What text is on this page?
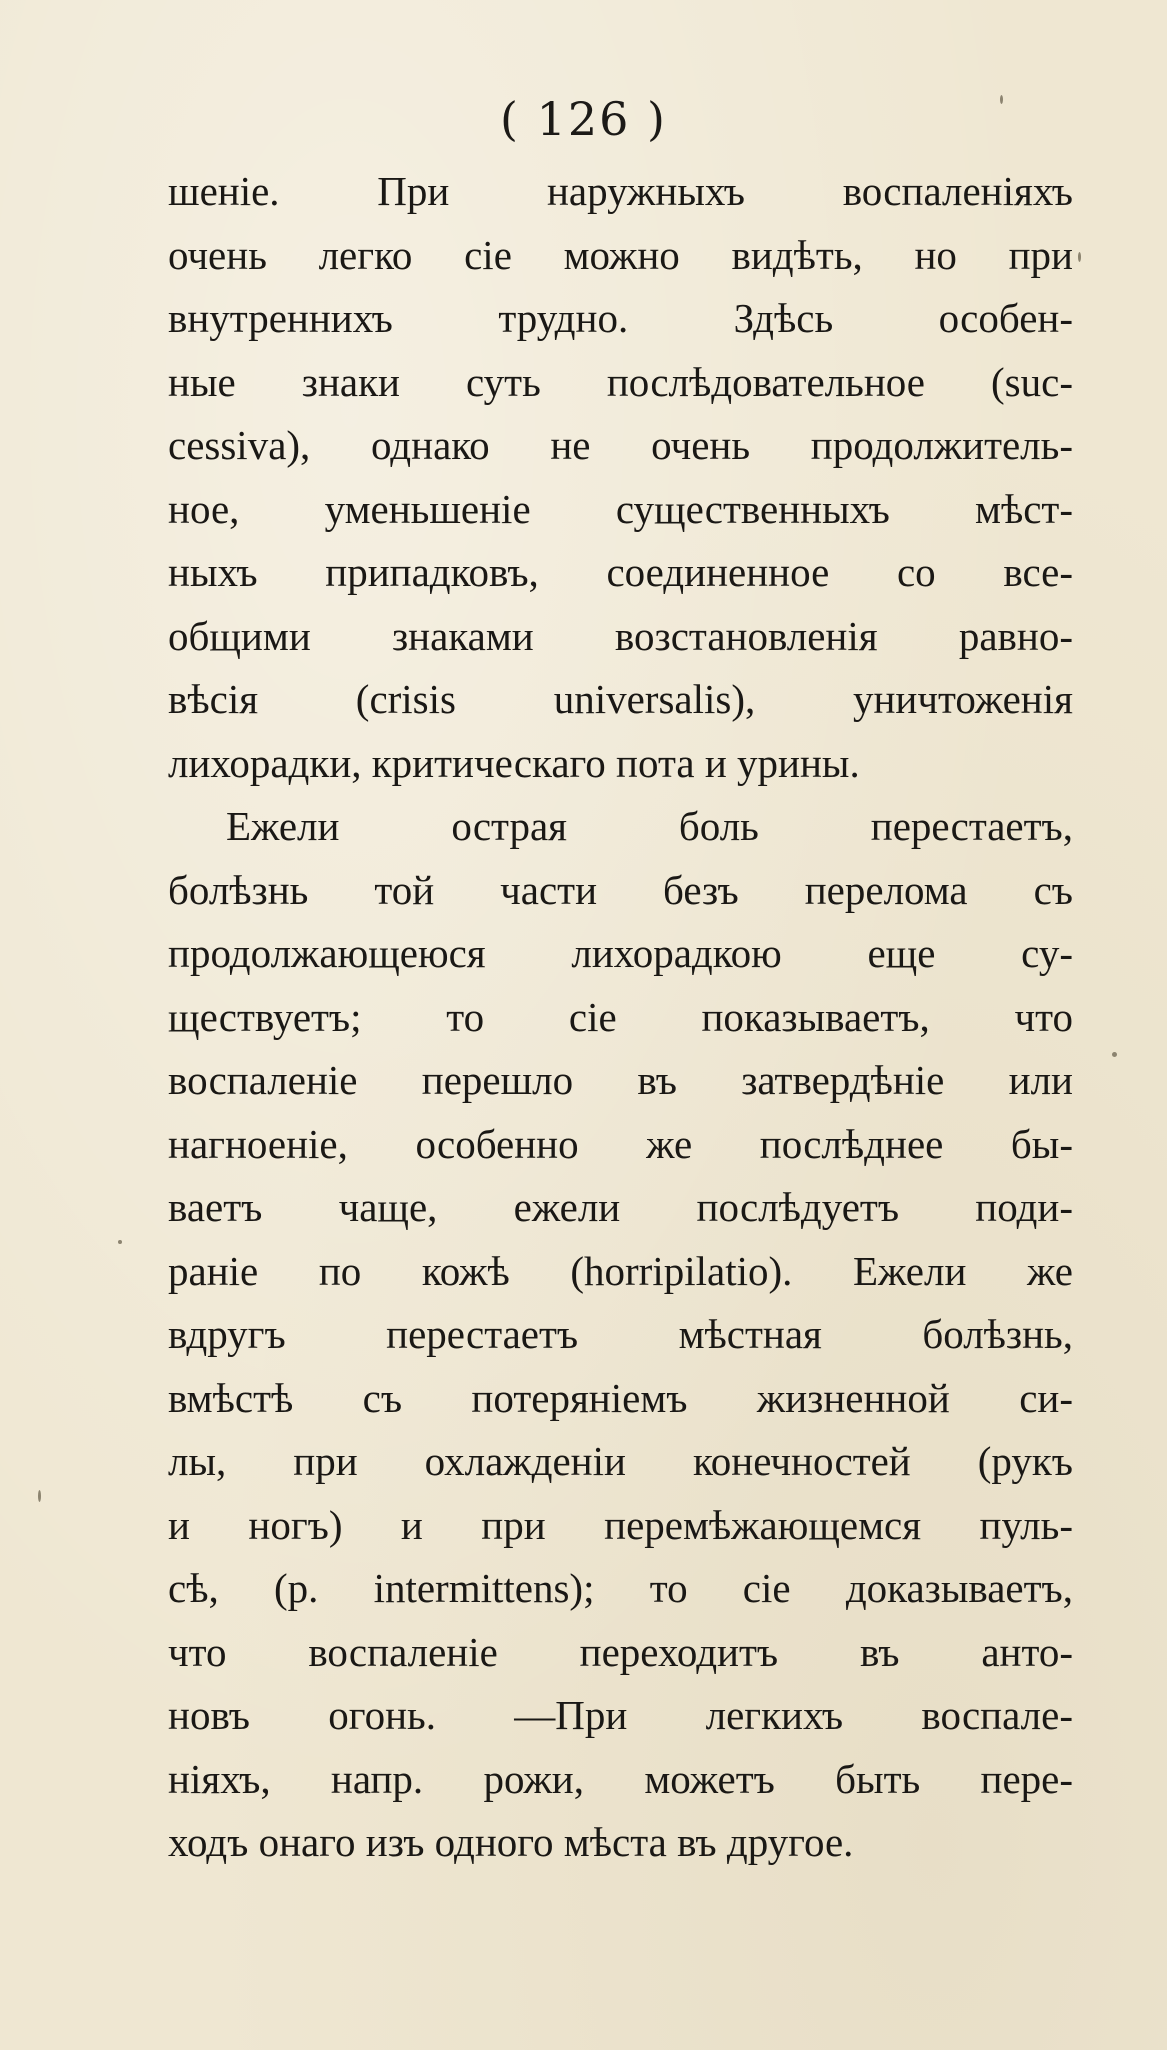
( 126 )
шенiе. При наружныхъ воспаленiяхъ
очень легко сiе можно видѣть, но при
внутреннихъ трудно. Здѣсь особен-
ные знаки суть послѣдовательное (suc-
cessiva), однако не очень продолжитель-
ное, уменьшенiе существенныхъ мѣст-
ныхъ припадковъ, соединенное со все-
общими знаками возстановленiя равно-
вѣсiя (crisis universalis), уничтоженiя
лихорадки, критическаго пота и урины.
Ежели острая боль перестаетъ,
болѣзнь той части безъ перелома съ
продолжающеюся лихорадкою еще су-
ществуетъ; то сiе показываетъ, что
воспаленiе перешло въ затвердѣнiе или
нагноенiе, особенно же послѣднее бы-
ваетъ чаще, ежели послѣдуетъ поди-
ранiе по кожѣ (horripilatio). Ежели же
вдругъ перестаетъ мѣстная болѣзнь,
вмѣстѣ съ потерянiемъ жизненной си-
лы, при охлажденiи конечностей (рукъ
и ногъ) и при перемѣжающемся пуль-
сѣ, (p. intermittens); то сiе доказываетъ,
что воспаленiе переходитъ въ анто-
новъ огонь. —При легкихъ воспале-
нiяхъ, напр. рожи, можетъ быть пере-
ходъ онаго изъ одного мѣста въ другое.
